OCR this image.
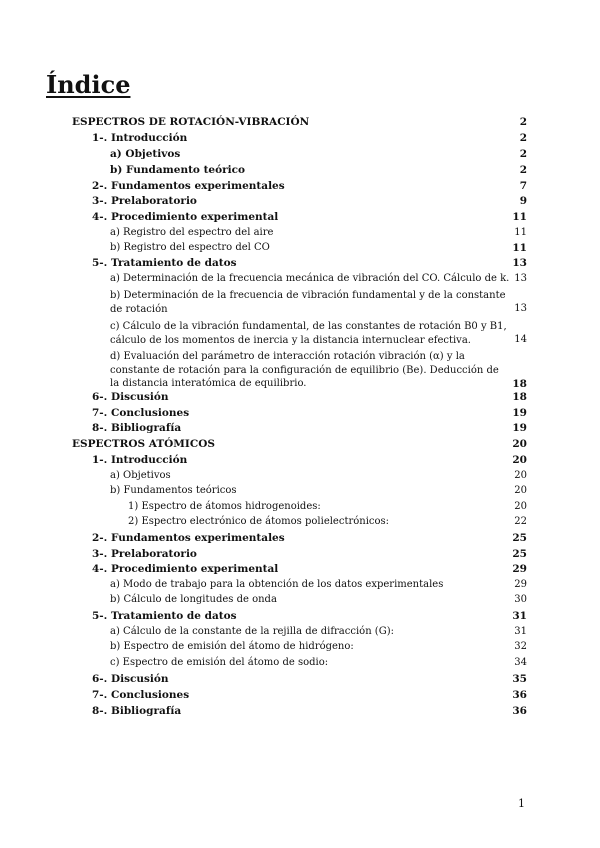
Índice
ESPECTROS DE ROTACIÓN-VIBRACIÓN	2
1-. Introducción	2
a) Objetivos	2
b) Fundamento teórico	2
2-. Fundamentos experimentales	7
3-. Prelaboratorio	9
4-. Procedimiento experimental	11
a) Registro del espectro del aire	11
b) Registro del espectro del CO	11
5-. Tratamiento de datos	13
a) Determinación de la frecuencia mecánica de vibración del CO. Cálculo de k. 13
b) Determinación de la frecuencia de vibración fundamental y de la constante de rotación	13
c) Cálculo de la vibración fundamental, de las constantes de rotación B0 y B1, cálculo de los momentos de inercia y la distancia internuclear efectiva.	14
d) Evaluación del parámetro de interacción rotación vibración (α) y la constante de rotación para la configuración de equilibrio (Be). Deducción de la distancia interatómica de equilibrio.	18
6-. Discusión	18
7-. Conclusiones	19
8-. Bibliografía	19
ESPECTROS ATÓMICOS	20
1-. Introducción	20
a) Objetivos	20
b) Fundamentos teóricos	20
1) Espectro de átomos hidrogenoides:	20
2) Espectro electrónico de átomos polielectrónicos:	22
2-. Fundamentos experimentales	25
3-. Prelaboratorio	25
4-. Procedimiento experimental	29
a) Modo de trabajo para la obtención de los datos experimentales	29
b) Cálculo de longitudes de onda	30
5-. Tratamiento de datos	31
a) Cálculo de la constante de la rejilla de difracción (G):	31
b) Espectro de emisión del átomo de hidrógeno:	32
c) Espectro de emisión del átomo de sodio:	34
6-. Discusión	35
7-. Conclusiones	36
8-. Bibliografía	36
1
